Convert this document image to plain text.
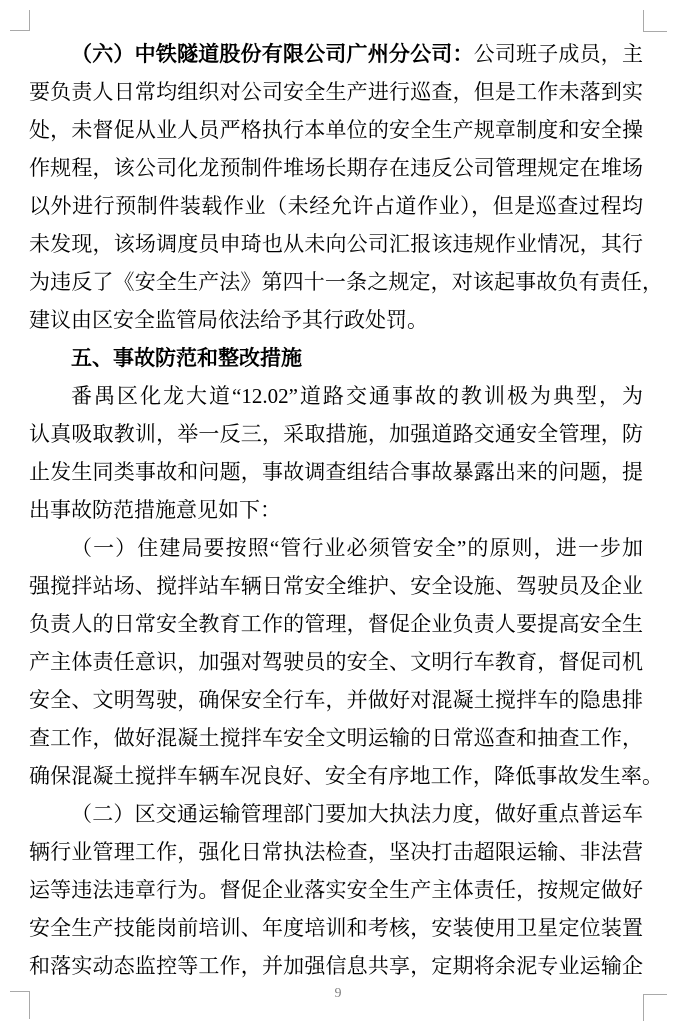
（六）中铁隧道股份有限公司广州分公司：公司班子成员，主
要负责人日常均组织对公司安全生产进行巡查，但是工作未落到实
处，未督促从业人员严格执行本单位的安全生产规章制度和安全操
作规程，该公司化龙预制件堆场长期存在违反公司管理规定在堆场
以外进行预制件装载作业（未经允许占道作业），但是巡查过程均
未发现，该场调度员申琦也从未向公司汇报该违规作业情况，其行
为违反了《安全生产法》第四十一条之规定，对该起事故负有责任，
建议由区安全监管局依法给予其行政处罚。
五、事故防范和整改措施
番禺区化龙大道“12.02”道路交通事故的教训极为典型，为
认真吸取教训，举一反三，采取措施，加强道路交通安全管理，防
止发生同类事故和问题，事故调查组结合事故暴露出来的问题，提
出事故防范措施意见如下：
（一）住建局要按照“管行业必须管安全”的原则，进一步加
强搅拌站场、搅拌站车辆日常安全维护、安全设施、驾驶员及企业
负责人的日常安全教育工作的管理，督促企业负责人要提高安全生
产主体责任意识，加强对驾驶员的安全、文明行车教育，督促司机
安全、文明驾驶，确保安全行车，并做好对混凝土搅拌车的隐患排
查工作，做好混凝土搅拌车安全文明运输的日常巡查和抽查工作，
确保混凝土搅拌车辆车况良好、安全有序地工作，降低事故发生率。
（二）区交通运输管理部门要加大执法力度，做好重点普运车
辆行业管理工作，强化日常执法检查，坚决打击超限运输、非法营
运等违法违章行为。督促企业落实安全生产主体责任，按规定做好
安全生产技能岗前培训、年度培训和考核，安装使用卫星定位装置
和落实动态监控等工作，并加强信息共享，定期将余泥专业运输企
9
